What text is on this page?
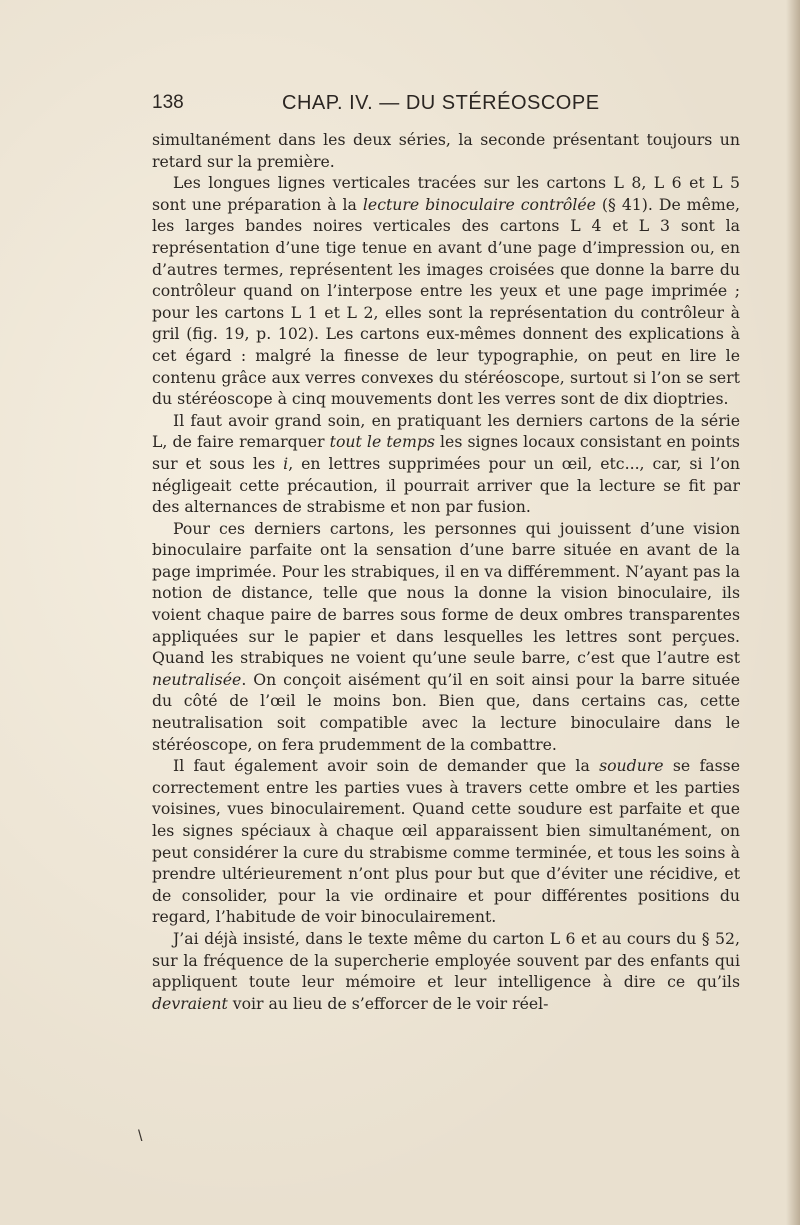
138	CHAP. IV. — DU STÉRÉOSCOPE

simultanément dans les deux séries, la seconde présentant toujours un retard sur la première.

Les longues lignes verticales tracées sur les cartons L 8, L 6 et L 5 sont une préparation à la lecture binoculaire contrôlée (§ 41). De même, les larges bandes noires verticales des cartons L 4 et L 3 sont la représentation d’une tige tenue en avant d’une page d’impression ou, en d’autres termes, représentent les images croisées que donne la barre du contrôleur quand on l’interpose entre les yeux et une page imprimée ; pour les cartons L 1 et L 2, elles sont la représentation du contrôleur à gril (fig. 19, p. 102). Les cartons eux-mêmes donnent des explications à cet égard : malgré la finesse de leur typographie, on peut en lire le contenu grâce aux verres convexes du stéréoscope, surtout si l’on se sert du stéréoscope à cinq mouvements dont les verres sont de dix dioptries.

Il faut avoir grand soin, en pratiquant les derniers cartons de la série L, de faire remarquer tout le temps les signes locaux consistant en points sur et sous les i, en lettres supprimées pour un œil, etc..., car, si l’on négligeait cette précaution, il pourrait arriver que la lecture se fit par des alternances de strabisme et non par fusion.

Pour ces derniers cartons, les personnes qui jouissent d’une vision binoculaire parfaite ont la sensation d’une barre située en avant de la page imprimée. Pour les strabiques, il en va différemment. N’ayant pas la notion de distance, telle que nous la donne la vision binoculaire, ils voient chaque paire de barres sous forme de deux ombres transparentes appliquées sur le papier et dans lesquelles les lettres sont perçues. Quand les strabiques ne voient qu’une seule barre, c’est que l’autre est neutralisée. On conçoit aisément qu’il en soit ainsi pour la barre située du côté de l’œil le moins bon. Bien que, dans certains cas, cette neutralisation soit compatible avec la lecture binoculaire dans le stéréoscope, on fera prudemment de la combattre.

Il faut également avoir soin de demander que la soudure se fasse correctement entre les parties vues à travers cette ombre et les parties voisines, vues binoculairement. Quand cette soudure est parfaite et que les signes spéciaux à chaque œil apparaissent bien simultanément, on peut considérer la cure du strabisme comme terminée, et tous les soins à prendre ultérieurement n’ont plus pour but que d’éviter une récidive, et de consolider, pour la vie ordinaire et pour différentes positions du regard, l’habitude de voir binoculairement.

J’ai déjà insisté, dans le texte même du carton L 6 et au cours du § 52, sur la fréquence de la supercherie employée souvent par des enfants qui appliquent toute leur mémoire et leur intelligence à dire ce qu’ils devraient voir au lieu de s’efforcer de le voir réel-

\
